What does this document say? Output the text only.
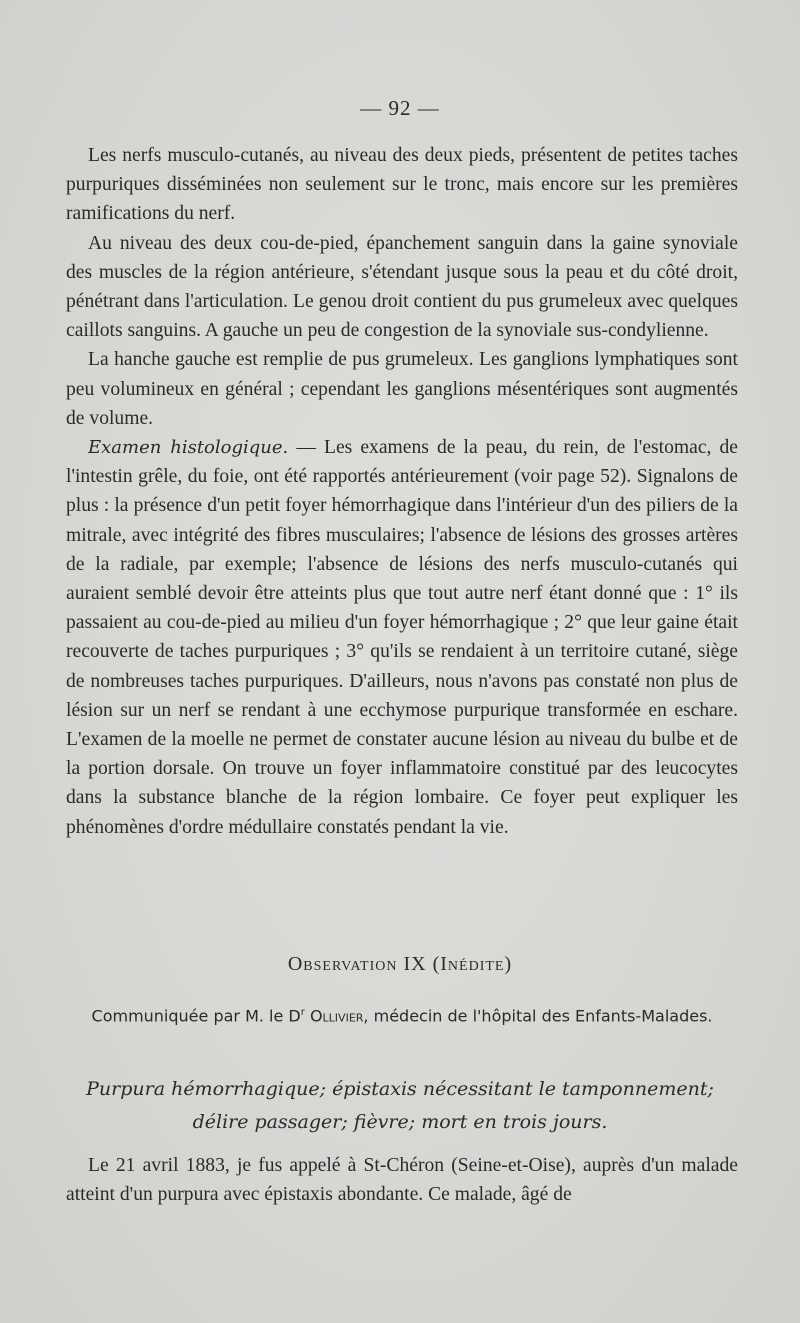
— 92 —

Les nerfs musculo-cutanés, au niveau des deux pieds, présentent de petites taches purpuriques disséminées non seulement sur le tronc, mais encore sur les premières ramifications du nerf.

Au niveau des deux cou-de-pied, épanchement sanguin dans la gaine synoviale des muscles de la région antérieure, s'étendant jusque sous la peau et du côté droit, pénétrant dans l'articulation. Le genou droit contient du pus grumeleux avec quelques caillots sanguins. A gauche un peu de congestion de la synoviale sus-condylienne.

La hanche gauche est remplie de pus grumeleux. Les ganglions lymphatiques sont peu volumineux en général ; cependant les ganglions mésentériques sont augmentés de volume.

Examen histologique. — Les examens de la peau, du rein, de l'estomac, de l'intestin grêle, du foie, ont été rapportés antérieurement (voir page 52). Signalons de plus : la présence d'un petit foyer hémorrhagique dans l'intérieur d'un des piliers de la mitrale, avec intégrité des fibres musculaires; l'absence de lésions des grosses artères de la radiale, par exemple; l'absence de lésions des nerfs musculo-cutanés qui auraient semblé devoir être atteints plus que tout autre nerf étant donné que : 1° ils passaient au cou-de-pied au milieu d'un foyer hémorrhagique ; 2° que leur gaine était recouverte de taches purpuriques ; 3° qu'ils se rendaient à un territoire cutané, siège de nombreuses taches purpuriques. D'ailleurs, nous n'avons pas constaté non plus de lésion sur un nerf se rendant à une ecchymose purpurique transformée en eschare. L'examen de la moelle ne permet de constater aucune lésion au niveau du bulbe et de la portion dorsale. On trouve un foyer inflammatoire constitué par des leucocytes dans la substance blanche de la région lombaire. Ce foyer peut expliquer les phénomènes d'ordre médullaire constatés pendant la vie.

Observation IX (Inédite)
Communiquée par M. le $D^r$ Ollivier, médecin de l'hôpital des Enfants-Malades.
Purpura hémorrhagique; épistaxis nécessitant le tamponnement;
délire passager; fièvre; mort en trois jours.

Le 21 avril 1883, je fus appelé à St-Chéron (Seine-et-Oise), auprès d'un malade atteint d'un purpura avec épistaxis abondante. Ce malade, âgé de
